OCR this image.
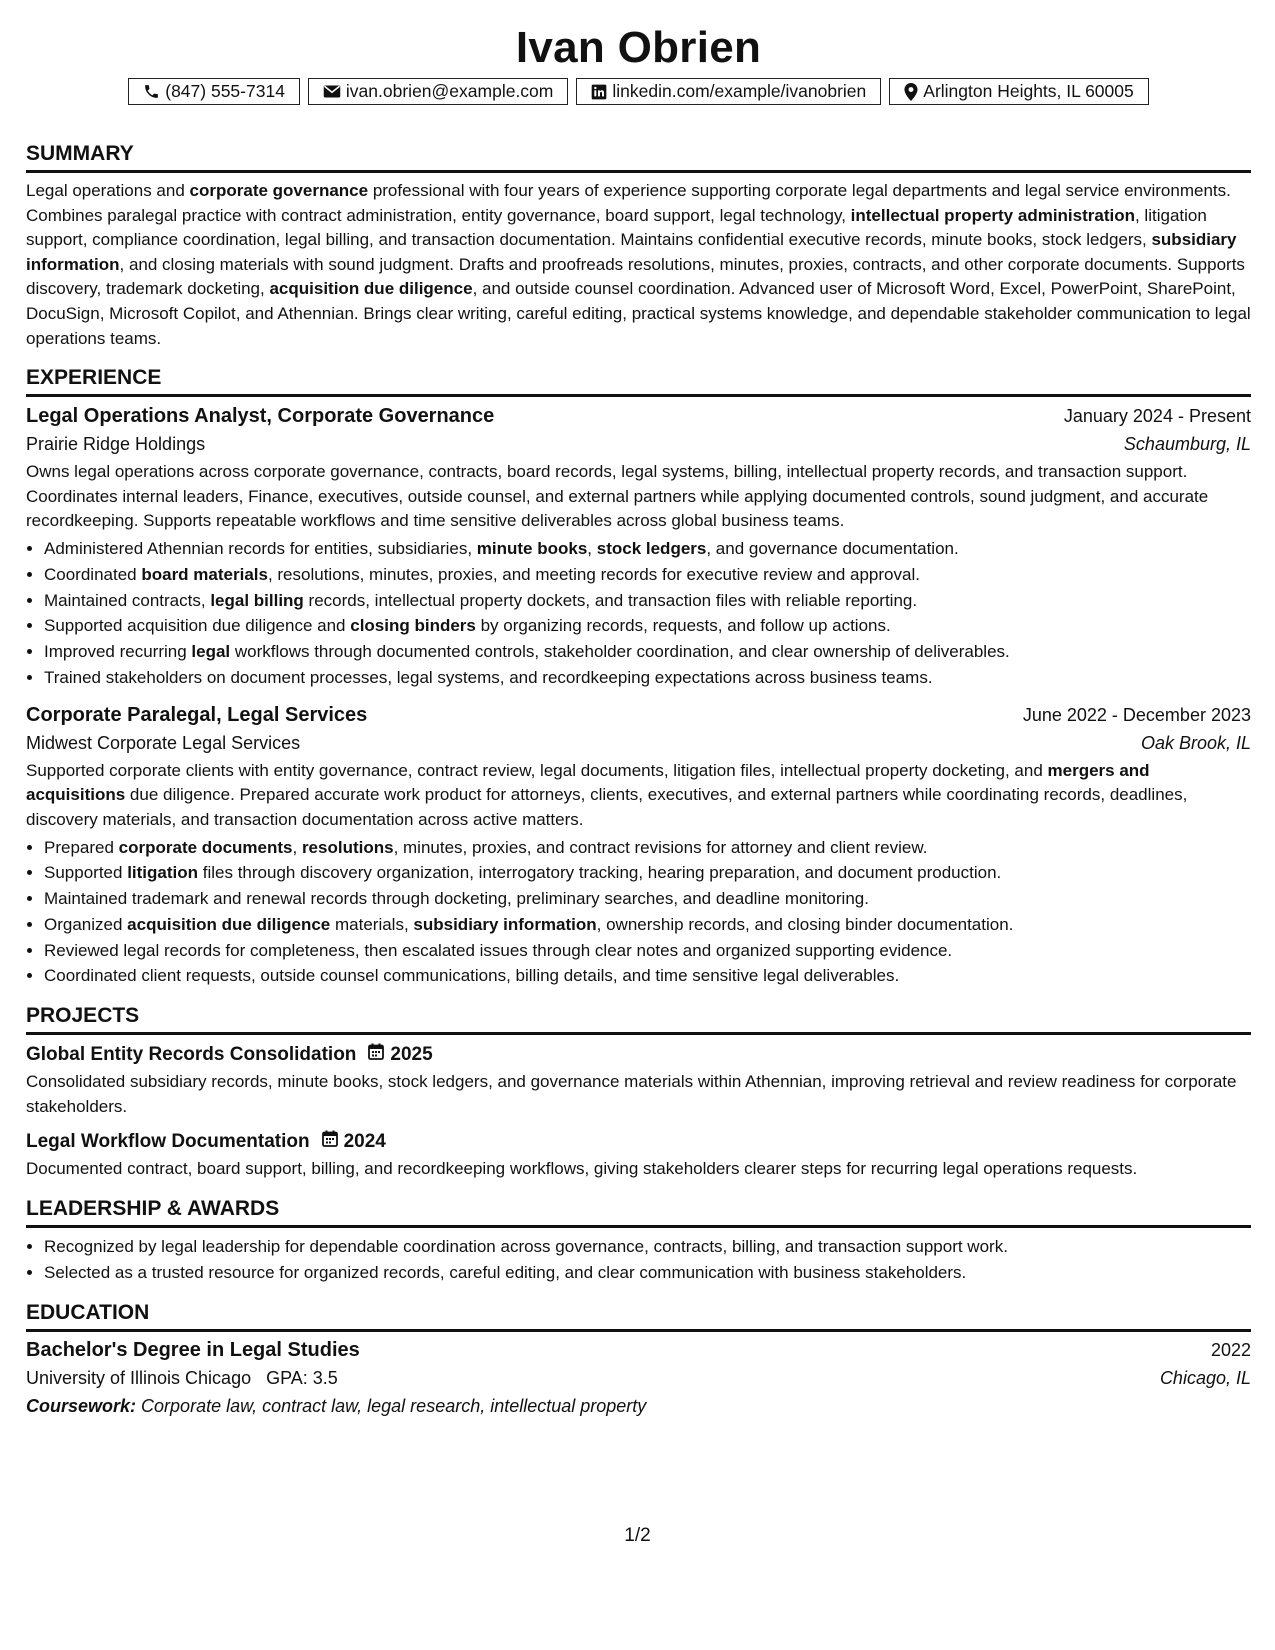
Ivan Obrien
(847) 555-7314	ivan.obrien@example.com	linkedin.com/example/ivanobrien	Arlington Heights, IL 60005
SUMMARY

Legal operations and corporate governance professional with four years of experience supporting corporate legal departments and legal service environments. Combines paralegal practice with contract administration, entity governance, board support, legal technology, intellectual property administration, litigation support, compliance coordination, legal billing, and transaction documentation. Maintains confidential executive records, minute books, stock ledgers, subsidiary information, and closing materials with sound judgment. Drafts and proofreads resolutions, minutes, proxies, contracts, and other corporate documents. Supports discovery, trademark docketing, acquisition due diligence, and outside counsel coordination. Advanced user of Microsoft Word, Excel, PowerPoint, SharePoint, DocuSign, Microsoft Copilot, and Athennian. Brings clear writing, careful editing, practical systems knowledge, and dependable stakeholder communication to legal operations teams.

EXPERIENCE
Legal Operations Analyst, Corporate Governance	January 2024 - Present
Prairie Ridge Holdings	Schaumburg, IL

Owns legal operations across corporate governance, contracts, board records, legal systems, billing, intellectual property records, and transaction support. Coordinates internal leaders, Finance, executives, outside counsel, and external partners while applying documented controls, sound judgment, and accurate recordkeeping. Supports repeatable workflows and time sensitive deliverables across global business teams.

• Administered Athennian records for entities, subsidiaries, minute books, stock ledgers, and governance documentation.
• Coordinated board materials, resolutions, minutes, proxies, and meeting records for executive review and approval.
• Maintained contracts, legal billing records, intellectual property dockets, and transaction files with reliable reporting.
• Supported acquisition due diligence and closing binders by organizing records, requests, and follow up actions.
• Improved recurring legal workflows through documented controls, stakeholder coordination, and clear ownership of deliverables.
• Trained stakeholders on document processes, legal systems, and recordkeeping expectations across business teams.
Corporate Paralegal, Legal Services	June 2022 - December 2023
Midwest Corporate Legal Services	Oak Brook, IL

Supported corporate clients with entity governance, contract review, legal documents, litigation files, intellectual property docketing, and mergers and acquisitions due diligence. Prepared accurate work product for attorneys, clients, executives, and external partners while coordinating records, deadlines, discovery materials, and transaction documentation across active matters.

• Prepared corporate documents, resolutions, minutes, proxies, and contract revisions for attorney and client review.
• Supported litigation files through discovery organization, interrogatory tracking, hearing preparation, and document production.
• Maintained trademark and renewal records through docketing, preliminary searches, and deadline monitoring.
• Organized acquisition due diligence materials, subsidiary information, ownership records, and closing binder documentation.
• Reviewed legal records for completeness, then escalated issues through clear notes and organized supporting evidence.
• Coordinated client requests, outside counsel communications, billing details, and time sensitive legal deliverables.
PROJECTS
Global Entity Records Consolidation 2025

Consolidated subsidiary records, minute books, stock ledgers, and governance materials within Athennian, improving retrieval and review readiness for corporate stakeholders.

Legal Workflow Documentation 2024

Documented contract, board support, billing, and recordkeeping workflows, giving stakeholders clearer steps for recurring legal operations requests.

LEADERSHIP & AWARDS
• Recognized by legal leadership for dependable coordination across governance, contracts, billing, and transaction support work.
• Selected as a trusted resource for organized records, careful editing, and clear communication with business stakeholders.
EDUCATION
Bachelor's Degree in Legal Studies	2022
University of Illinois Chicago GPA: 3.5	Chicago, IL
Coursework: Corporate law, contract law, legal research, intellectual property
1/2
